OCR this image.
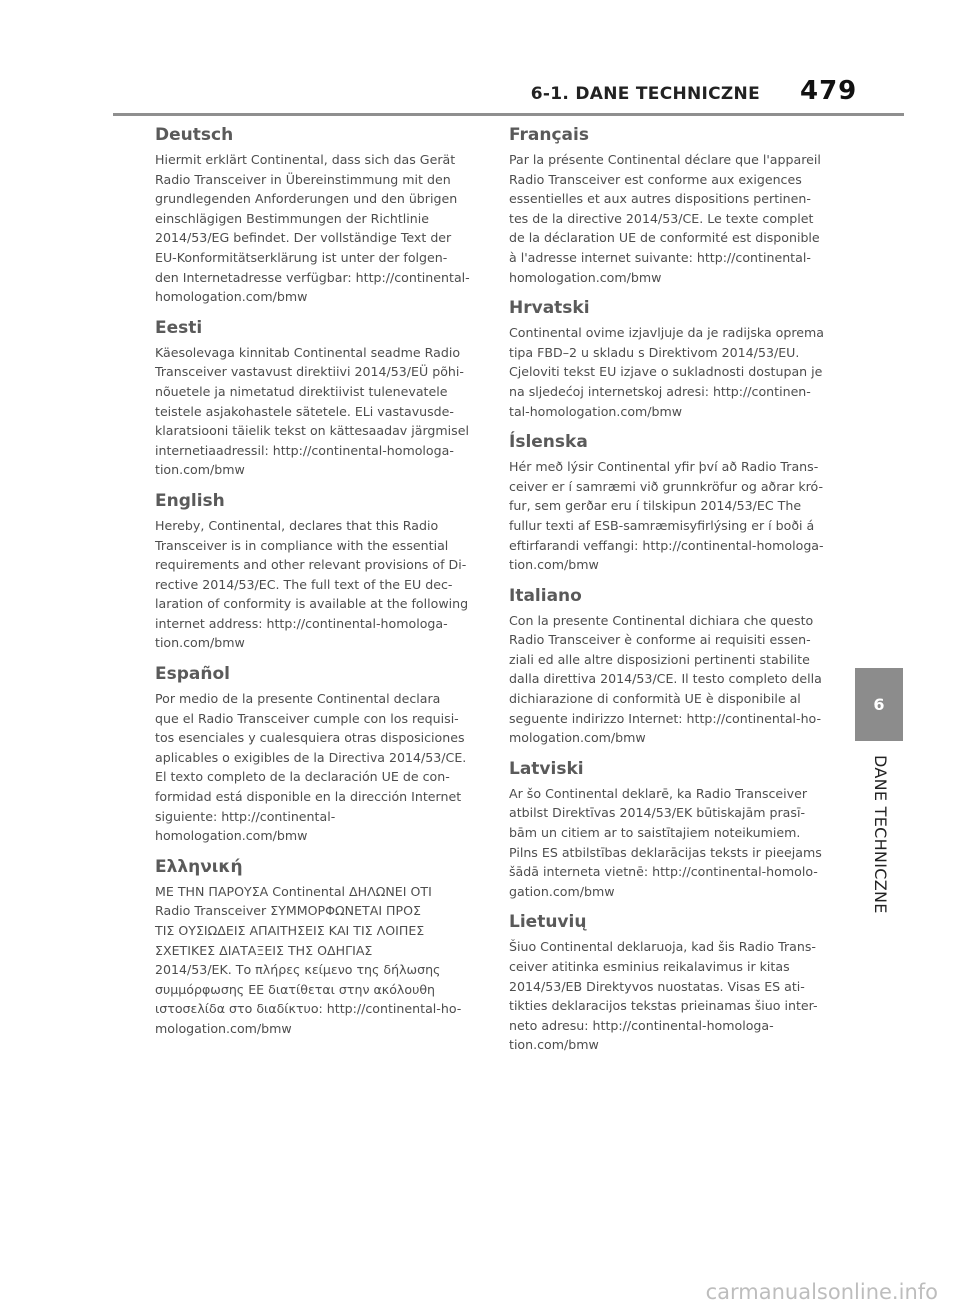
6-1. DANE TECHNICZNE 479
Deutsch

Hiermit erklärt Continental, dass sich das Gerät
Radio Transceiver in Übereinstimmung mit den
grundlegenden Anforderungen und den übrigen
einschlägigen Bestimmungen der Richtlinie
2014/53/EG befindet. Der vollständige Text der
EU-Konformitätserklärung ist unter der folgen-
den Internetadresse verfügbar: http://continental-
homologation.com/bmw

Eesti

Käesolevaga kinnitab Continental seadme Radio
Transceiver vastavust direktiivi 2014/53/EÜ põhi-
nõuetele ja nimetatud direktiivist tulenevatele
teistele asjakohastele sätetele. ELi vastavusde-
klaratsiooni täielik tekst on kättesaadav järgmisel
internetiaadressil: http://continental-homologa-
tion.com/bmw

English

Hereby, Continental, declares that this Radio
Transceiver is in compliance with the essential
requirements and other relevant provisions of Di-
rective 2014/53/EC. The full text of the EU dec-
laration of conformity is available at the following
internet address: http://continental-homologa-
tion.com/bmw

Español

Por medio de la presente Continental declara
que el Radio Transceiver cumple con los requisi-
tos esenciales y cualesquiera otras disposiciones
aplicables o exigibles de la Directiva 2014/53/CE.
El texto completo de la declaración UE de con-
formidad está disponible en la dirección Internet
siguiente: http://continental-
homologation.com/bmw

Ελληνική

ΜΕ ΤΗΝ ΠΑΡΟΥΣΑ Continental ΔΗΛΩΝΕΙ ΟΤΙ
Radio Transceiver ΣΥΜΜΟΡΦΩΝΕΤΑΙ ΠΡΟΣ
ΤΙΣ ΟΥΣΙΩΔΕΙΣ ΑΠΑΙΤΗΣΕΙΣ ΚΑΙ ΤΙΣ ΛΟΙΠΕΣ
ΣΧΕΤΙΚΕΣ ΔΙΑΤΑΞΕΙΣ ΤΗΣ ΟΔΗΓΙΑΣ
2014/53/ΕΚ. Το πλήρες κείμενο της δήλωσης
συμμόρφωσης ΕΕ διατίθεται στην ακόλουθη
ιστοσελίδα στο διαδίκτυο: http://continental-ho-
mologation.com/bmw

Français

Par la présente Continental déclare que l'appareil
Radio Transceiver est conforme aux exigences
essentielles et aux autres dispositions pertinen-
tes de la directive 2014/53/CE. Le texte complet
de la déclaration UE de conformité est disponible
à l'adresse internet suivante: http://continental-
homologation.com/bmw

Hrvatski

Continental ovime izjavljuje da je radijska oprema
tipa FBD–2 u skladu s Direktivom 2014/53/EU.
Cjeloviti tekst EU izjave o sukladnosti dostupan je
na sljedećoj internetskoj adresi: http://continen-
tal-homologation.com/bmw

Íslenska

Hér með lýsir Continental yfir því að Radio Trans-
ceiver er í samræmi við grunnkröfur og aðrar kró-
fur, sem gerðar eru í tilskipun 2014/53/EC The
fullur texti af ESB-samræmisyfirlýsing er í boði á
eftirfarandi veffangi: http://continental-homologa-
tion.com/bmw

Italiano

Con la presente Continental dichiara che questo
Radio Transceiver è conforme ai requisiti essen-
ziali ed alle altre disposizioni pertinenti stabilite
dalla direttiva 2014/53/CE. Il testo completo della
dichiarazione di conformità UE è disponibile al
seguente indirizzo Internet: http://continental-ho-
mologation.com/bmw

Latviski

Ar šo Continental deklarē, ka Radio Transceiver
atbilst Direktīvas 2014/53/EK būtiskajām prasī-
bām un citiem ar to saistītajiem noteikumiem.
Pilns ES atbilstības deklarācijas teksts ir pieejams
šādā interneta vietnē: http://continental-homolo-
gation.com/bmw

Lietuvių

Šiuo Continental deklaruoja, kad šis Radio Trans-
ceiver atitinka esminius reikalavimus ir kitas
2014/53/EB Direktyvos nuostatas. Visas ES ati-
tikties deklaracijos tekstas prieinamas šiuo inter-
neto adresu: http://continental-homologa-
tion.com/bmw

6
DANE TECHNICZNE
carmanualsonline.info
